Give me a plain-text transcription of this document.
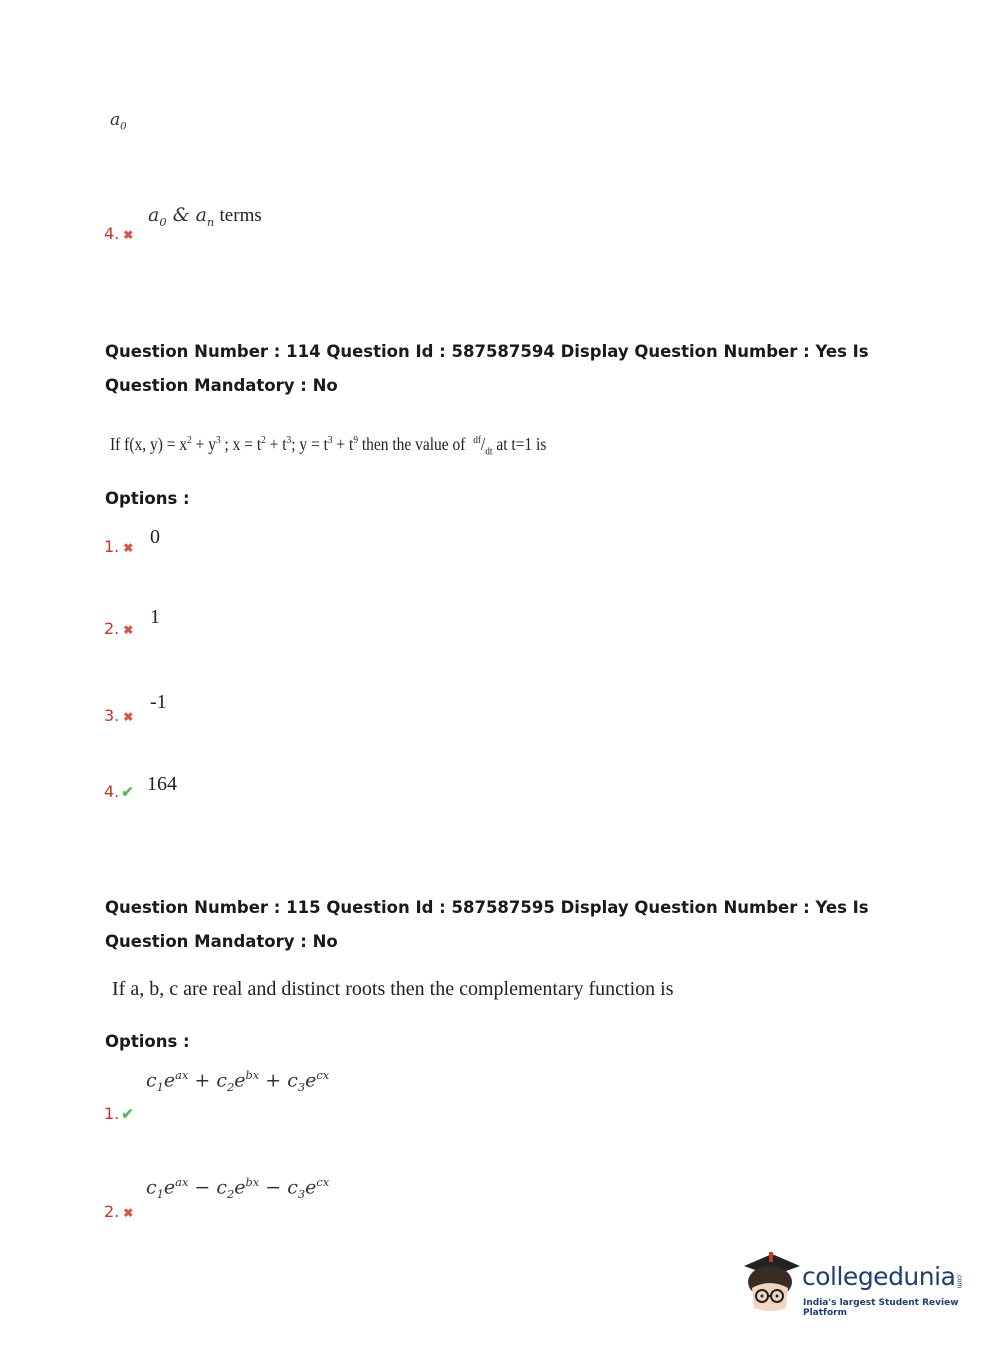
$a_0$
4. ✖
$a_0$ & $a_n$ terms
Question Number : 114 Question Id : 587587594 Display Question Number : Yes Is Question Mandatory : No
If f(x, $y) = x^2 + y^3$ ; $x = t^2 + t^3$; $y = t^3 + t^9$ then the value of  $^{df}/_{dt}$ at t=1 is
Options :
1. ✖ 0
2. ✖
1
3. ✖
-1
4. ✔ 164
Question Number : 115 Question Id : 587587595 Display Question Number : Yes Is Question Mandatory : No
If a, b, c are real and distinct roots then the complementary function is
Options :
1. ✔
$c_1e^{ax} + c_2e^{bx} + c_3e^{cx}$
2. ✖
$c_1e^{ax} - c_2e^{bx} - c_3e^{cx}$
collegedunia.com
India's largest Student Review Platform
